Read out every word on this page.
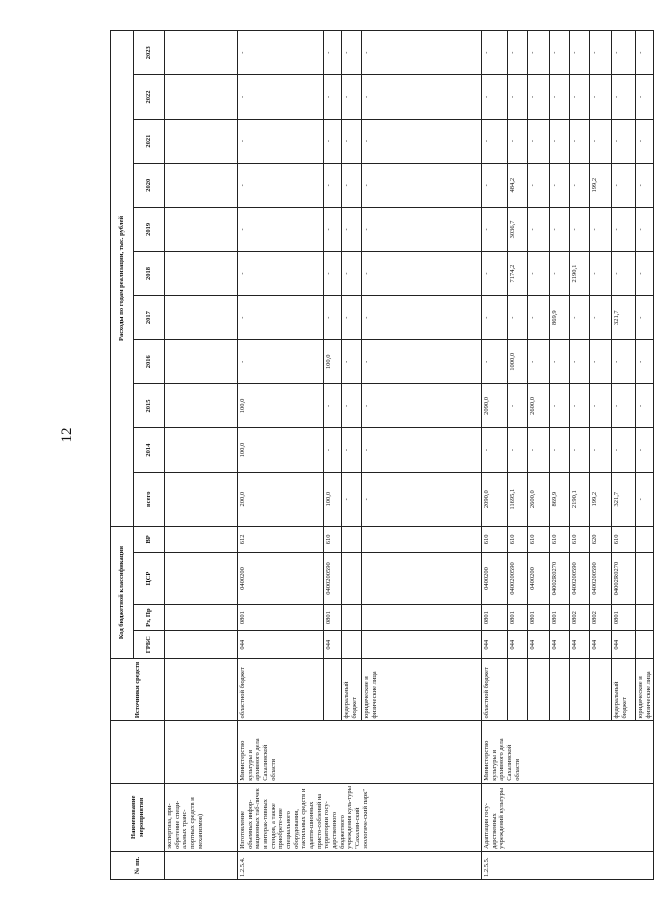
12
№ пп.	Наименование мероприятия		Источники средств	Код бюджетной классификации				Расходы по годам реализации, тыс. рублей										
				ГРБС	Рз, Пр	ЦСР	ВР	всего	2014	2015	2016	2017	2018	2019	2020	2021	2022	2023
	экспертиза, при-обретение специ-альных транс-портных средств и механизмов)																	
1.2.5.4.	Изготовление объемных инфор-мационных таб-личек и интерак-тивных стендов, а также приобрете-ние специального оборудования, тактильных средств и адапти-шионных присто-соблений на территории госу-дарственного бюджетного учреждения куль-туры "Сахалин-ский зоологиче-ский парк"	Министерство культуры и архивного дела Сахалинской области	областной бюджет	044	0801	0400200	612	200,0	100,0	100,0	-	-	-	-	-	-	-	-
				044	0801	0400200590	610	100,0	-	-	100,0	-	-	-	-	-	-	-
			федеральный бюджет					-	-	-	-	-	-	-	-	-	-	-
			юридические и физические лица					-	-	-	-	-	-	-	-	-	-	-
1.2.5.5.	Адаптация госу-дарственных учреждений культуры	Министерство культуры и архивного дела Сахалинской области	областной бюджет	044	0801	0400200	610	2090,0	-	2090,0	-	-	-	-	-	-	-	-
				044	0801	0400200590	610	11695,1	-	-	1000,0	-	7174,2	3036,7	484,2	-	-	-
				044	0801	0400200	610	2600,0	-	2600,0	-	-	-	-	-	-	-	-
				044	0801	04002R0270	610	869,9	-	-	-	869,9	-	-	-	-	-	-
				044	0802	0400200590	610	2190,1	-	-	-	-	2190,1	-	-	-	-	-
				044	0802	0400200590	620	199,2	-	-	-	-	-	-	199,2	-	-	-
			федеральный бюджет	044	0801	04002R0270	610	321,7	-	-	-	321,7	-	-	-	-	-	-
			юридические и физические лица					-	-	-	-	-	-	-	-	-	-	-
